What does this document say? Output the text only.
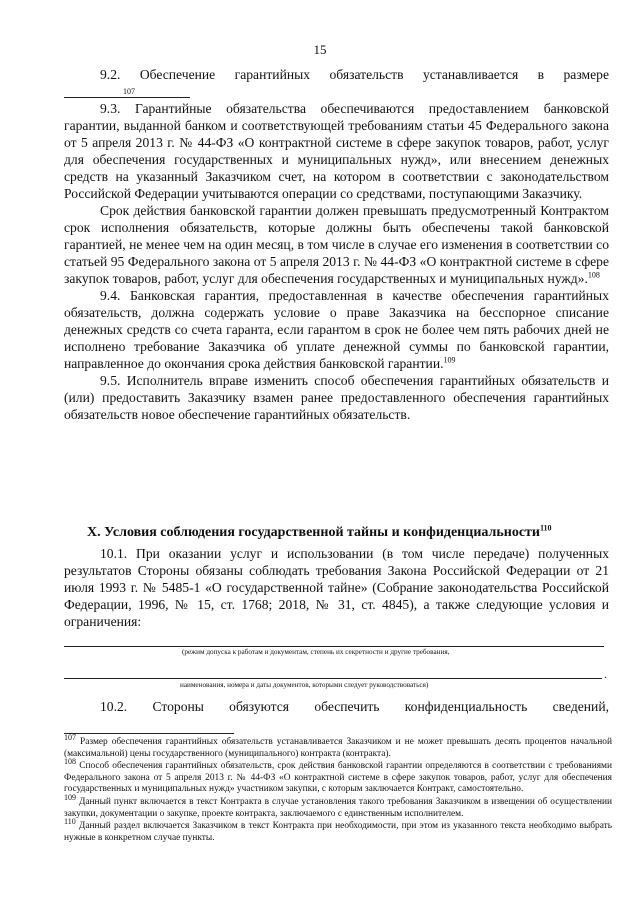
15

9.2. Обеспечение гарантийных обязательств устанавливается в размере

107

9.3. Гарантийные обязательства обеспечиваются предоставлением банковской гарантии, выданной банком и соответствующей требованиям статьи 45 Федерального закона от 5 апреля 2013 г. № 44-ФЗ «О контрактной системе в сфере закупок товаров, работ, услуг для обеспечения государственных и муниципальных нужд», или внесением денежных средств на указанный Заказчиком счет, на котором в соответствии с законодательством Российской Федерации учитываются операции со средствами, поступающими Заказчику.

Срок действия банковской гарантии должен превышать предусмотренный Контрактом срок исполнения обязательств, которые должны быть обеспечены такой банковской гарантией, не менее чем на один месяц, в том числе в случае его изменения в соответствии со статьей 95 Федерального закона от 5 апреля 2013 г. № 44-ФЗ «О контрактной системе в сфере закупок товаров, работ, услуг для обеспечения государственных и муниципальных нужд».$^{108}$

9.4. Банковская гарантия, предоставленная в качестве обеспечения гарантийных обязательств, должна содержать условие о праве Заказчика на бесспорное списание денежных средств со счета гаранта, если гарантом в срок не более чем пять рабочих дней не исполнено требование Заказчика об уплате денежной суммы по банковской гарантии, направленное до окончания срока действия банковской гарантии.$^{109}$

9.5. Исполнитель вправе изменить способ обеспечения гарантийных обязательств и (или) предоставить Заказчику взамен ранее предоставленного обеспечения гарантийных обязательств новое обеспечение гарантийных обязательств.

X. Условия соблюдения государственной тайны и конфиденциальности$^{110}$

10.1. При оказании услуг и использовании (в том числе передаче) полученных результатов Стороны обязаны соблюдать требования Закона Российской Федерации от 21 июля 1993 г. № 5485-1 «О государственной тайне» (Собрание законодательства Российской Федерации, 1996, № 15, ст. 1768; 2018, № 31, ст. 4845), а также следующие условия и ограничения:

(режим допуска к работам и документам, степень их секретности и другие требования,
.
наименования, номера и даты документов, которыми следует руководствоваться)

10.2. Стороны обязуются обеспечить конфиденциальность сведений,

$^{107}$ Размер обеспечения гарантийных обязательств устанавливается Заказчиком и не может превышать десять процентов начальной (максимальной) цены государственного (муниципального) контракта (контракта).

$^{108}$ Способ обеспечения гарантийных обязательств, срок действия банковской гарантии определяются в соответствии с требованиями Федерального закона от 5 апреля 2013 г. № 44-ФЗ «О контрактной системе в сфере закупок товаров, работ, услуг для обеспечения государственных и муниципальных нужд» участником закупки, с которым заключается Контракт, самостоятельно.

$^{109}$ Данный пункт включается в текст Контракта в случае установления такого требования Заказчиком в извещении об осуществлении закупки, документации о закупке, проекте контракта, заключаемого с единственным исполнителем.

$^{110}$ Данный раздел включается Заказчиком в текст Контракта при необходимости, при этом из указанного текста необходимо выбрать нужные в конкретном случае пункты.
